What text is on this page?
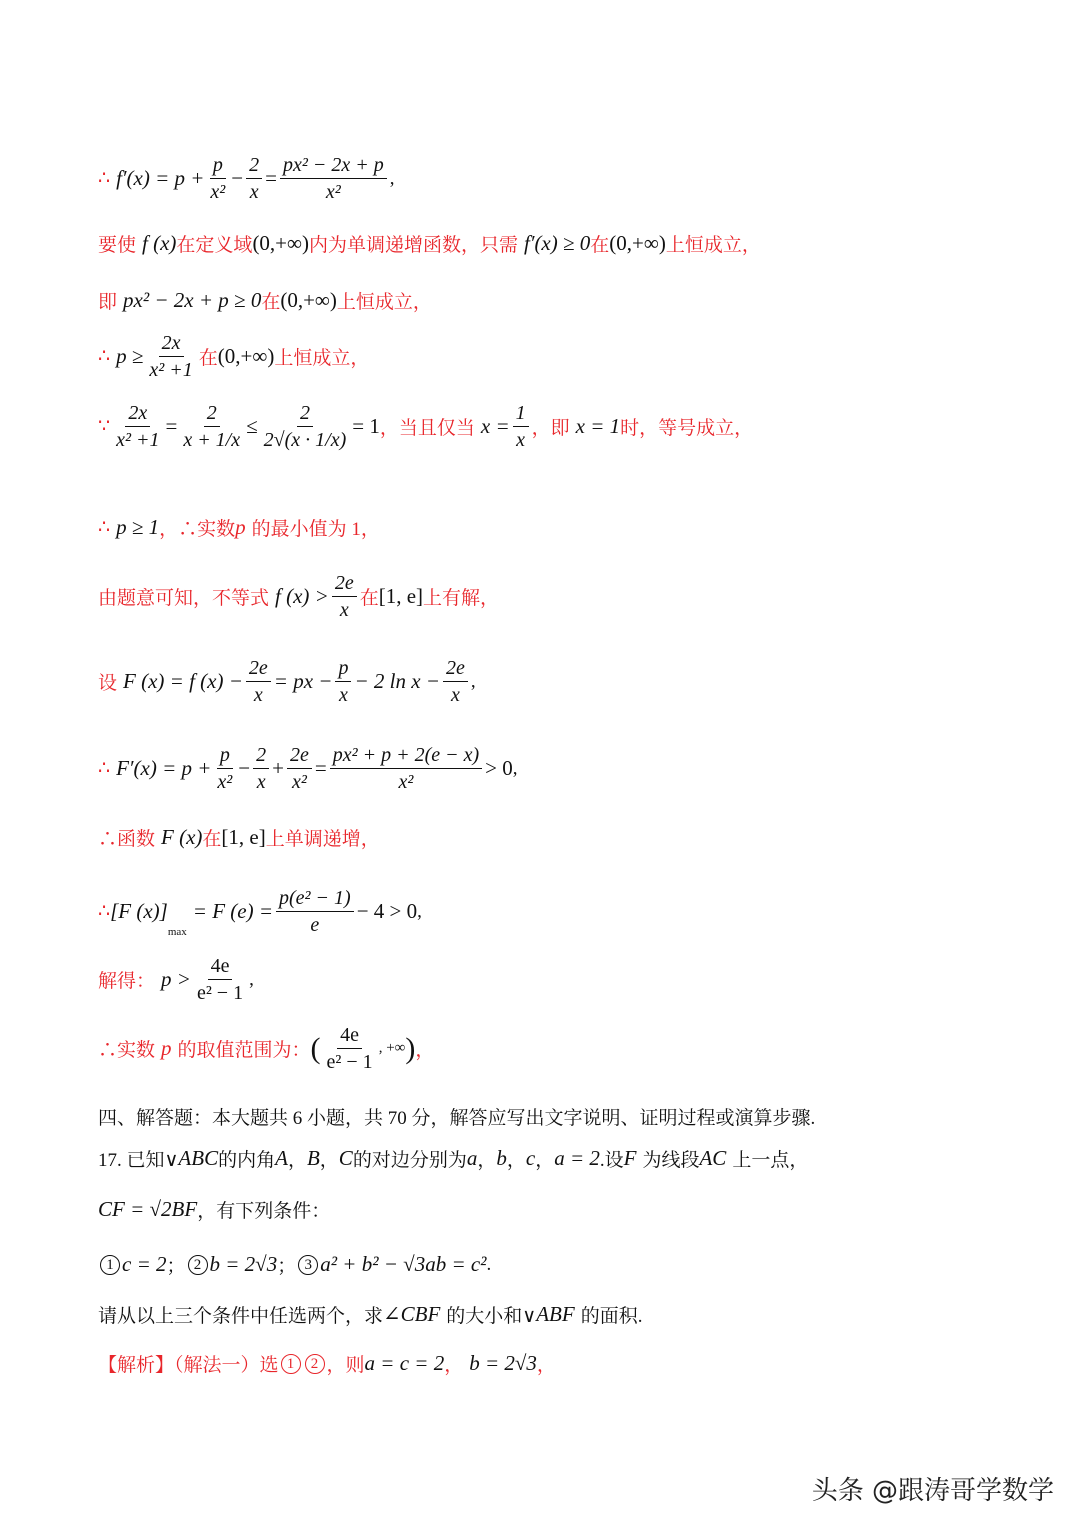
∴ $f'(x) = p + \frac{p}{\text{x²}} - \frac{2}{x} = \frac{\text{px² − 2x + p}}{\text{x²}}$ ,
要使 f (x) 在定义域 (0,+∞) 内为单调递增函数，只需 f′(x) ≥ 0 在 (0,+∞) 上恒成立，
即 px² − 2x + p ≥ 0 在 (0,+∞) 上恒成立，
∴ $p \ge \frac{2x}{\text{x² +1}}$ 在 (0,+∞) 上恒成立，
∵ $\frac{2x}{\text{x² +1}} = \frac{2}{x + 1/x} \le \frac{2}{2√(x \cdot 1/x)} = 1$ ，当且仅当 $x = \frac{1}{x}$ ，即 x = 1 时，等号成立，
∴ p ≥ 1 ，∴实数 p 的最小值为 1，
由题意可知，不等式 f $(x) > \frac{2e}{x}$ 在 [1, e] 上有解，
设 F (x) = f $(x) - \frac{2e}{x}$ = px − $\frac{p}{x} - 2$ $\ln x - \frac{2e}{x}$ ,
∴ $F'(x) = p + \frac{p}{\text{x²}} - \frac{2}{x} + \frac{2e}{\text{x²}} = \frac{\text{px² + p + 2(e − x)}}{\text{x²}} > 0$ ,
∴函数 F (x) 在 [1, e] 上单调递增，
∴ [F (x)]
max
= F $(e) = \frac{\text{p(e² − 1)}}{e} - 4 > 0$ ,
解得： $p > \frac{4e}{\text{e² − 1}}$ ,
∴实数 p 的取值范围为： ( $\frac{4e}{\text{e² − 1}}$ , +∞ ) ，
四、解答题：本大题共 6 小题，共 70 分，解答应写出文字说明、证明过程或演算步骤.
17. 已知∨ ABC 的内角 A ， B ， C 的对边分别为 a ， b ， c ， a = 2 .设 F 为线段 AC 上一点，
CF = √2BF ，有下列条件：
1 c = 2 ； 2 b = 2√3 ； 3 a² + b² − √3ab = c² .
请从以上三个条件中任选两个，求 ∠CBF 的大小和∨ ABF 的面积.
【解析】（解法一）选 1	2 ，则 a = c = 2 ， b = 2√3 ，
头条 @跟涛哥学数学
